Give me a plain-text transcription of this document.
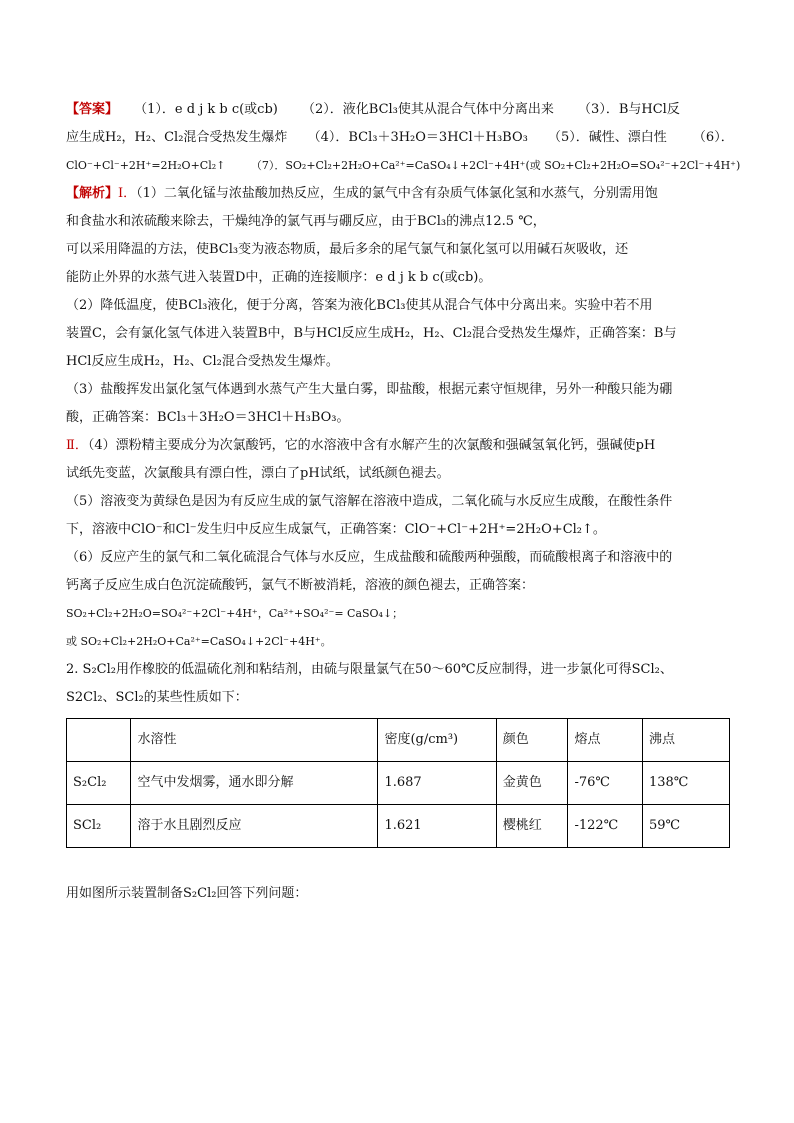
【答案】 （1）．e d j k b c(或cb) （2）．液化BCl₃使其从混合气体中分离出来 （3）．B与HCl反

应生成H₂，H₂、Cl₂混合受热发生爆炸 （4）．BCl₃＋3H₂O＝3HCl＋H₃BO₃ （5）．碱性、漂白性 （6）．

ClO⁻+Cl⁻+2H⁺=2H₂O+Cl₂↑ （7）．SO₂+Cl₂+2H₂O+Ca²⁺=CaSO₄↓+2Cl⁻+4H⁺(或 SO₂+Cl₂+2H₂O=SO₄²⁻+2Cl⁻+4H⁺)

【解析】Ⅰ．（1）二氧化锰与浓盐酸加热反应，生成的氯气中含有杂质气体氯化氢和水蒸气，分别需用饱

和食盐水和浓硫酸来除去，干燥纯净的氯气再与硼反应，由于BCl₃的沸点12.5 ℃，

可以采用降温的方法，使BCl₃变为液态物质，最后多余的尾气氯气和氯化氢可以用碱石灰吸收，还

能防止外界的水蒸气进入装置D中，正确的连接顺序：e d j k b c(或cb)。

（2）降低温度，使BCl₃液化，便于分离，答案为液化BCl₃使其从混合气体中分离出来。实验中若不用

装置C，会有氯化氢气体进入装置B中，B与HCl反应生成H₂，H₂、Cl₂混合受热发生爆炸，正确答案：B与

HCl反应生成H₂，H₂、Cl₂混合受热发生爆炸。

（3）盐酸挥发出氯化氢气体遇到水蒸气产生大量白雾，即盐酸，根据元素守恒规律，另外一种酸只能为硼

酸，正确答案：BCl₃＋3H₂O＝3HCl＋H₃BO₃。

Ⅱ．（4）漂粉精主要成分为次氯酸钙，它的水溶液中含有水解产生的次氯酸和强碱氢氧化钙，强碱使pH

试纸先变蓝，次氯酸具有漂白性，漂白了pH试纸，试纸颜色褪去。

（5）溶液变为黄绿色是因为有反应生成的氯气溶解在溶液中造成，二氧化硫与水反应生成酸，在酸性条件

下，溶液中ClO⁻和Cl⁻发生归中反应生成氯气，正确答案：ClO⁻+Cl⁻+2H⁺=2H₂O+Cl₂↑。

（6）反应产生的氯气和二氧化硫混合气体与水反应，生成盐酸和硫酸两种强酸，而硫酸根离子和溶液中的

钙离子反应生成白色沉淀硫酸钙，氯气不断被消耗，溶液的颜色褪去，正确答案：

SO₂+Cl₂+2H₂O=SO₄²⁻+2Cl⁻+4H⁺，Ca²⁺+SO₄²⁻= CaSO₄↓；

或 SO₂+Cl₂+2H₂O+Ca²⁺=CaSO₄↓+2Cl⁻+4H⁺。

2. S₂Cl₂用作橡胶的低温硫化剂和粘结剂，由硫与限量氯气在50～60℃反应制得，进一步氯化可得SCl₂、

S2Cl₂、SCl₂的某些性质如下：

	水溶性	密度(g/cm³)	颜色	熔点	沸点
S₂Cl₂	空气中发烟雾，通水即分解	1.687	金黄色	-76℃	138℃
SCl₂	溶于水且剧烈反应	1.621	樱桃红	-122℃	59℃

用如图所示装置制备S₂Cl₂回答下列问题：
